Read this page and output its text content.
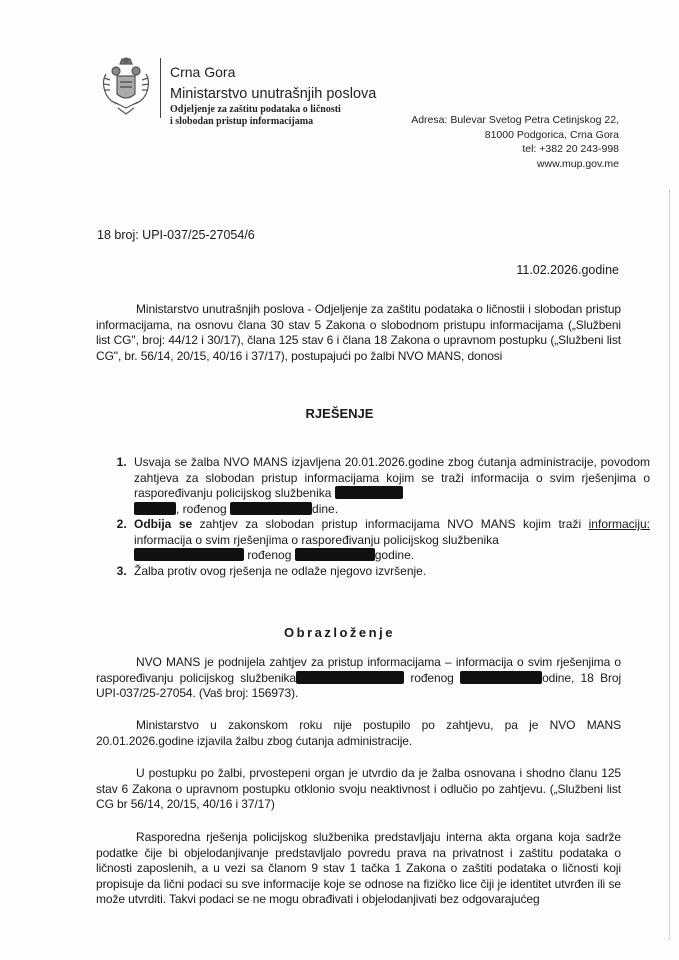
Crna Gora
Ministarstvo unutrašnjih poslova
Odjeljenje za zaštitu podataka o ličnosti
i slobodan pristup informacijama	Adresa: Bulevar Svetog Petra Cetinjskog 22,
81000 Podgorica, Crna Gora
tel: +382 20 243-998
www.mup.gov.me
18 broj: UPI-037/25-27054/6
11.02.2026.godine
Ministarstvo unutrašnjih poslova - Odjeljenje za zaštitu podataka o ličnostii i slobodan pristup informacijama, na osnovu člana 30 stav 5 Zakona o slobodnom pristupu informacijama („Službeni list CG", broj: 44/12 i 30/17), člana 125 stav 6 i člana 18 Zakona o upravnom postupku („Službeni list CG", br. 56/14, 20/15, 40/16 i 37/17), postupajući po žalbi NVO MANS, donosi
RJEŠENJE
1. Usvaja se žalba NVO MANS izjavljena 20.01.2026.godine zbog ćutanja administracije, povodom zahtjeva za slobodan pristup informacijama kojim se traži informacija o svim rješenjima o raspoređivanju policijskog službenika
, rođenog	dine.
2. Odbija se zahtjev za slobodan pristup informacijama NVO MANS kojim traži informaciju: informacija o svim rješenjima o raspoređivanju policijskog službenika
rođenog	godine.
3. Žalba protiv ovog rješenja ne odlaže njegovo izvršenje.
Obrazloženje
NVO MANS je podnijela zahtjev za pristup informacijama – informacija o svim rješenjima o raspoređivanju policijskog službenika	rođenog	odine, 18 Broj UPI-037/25-27054. (Vaš broj: 156973).
Ministarstvo u zakonskom roku nije postupilo po zahtjevu, pa je NVO MANS 20.01.2026.godine izjavila žalbu zbog ćutanja administracije.
U postupku po žalbi, prvostepeni organ je utvrdio da je žalba osnovana i shodno članu 125 stav 6 Zakona o upravnom postupku otklonio svoju neaktivnost i odlučio po zahtjevu. („Službeni list CG br 56/14, 20/15, 40/16 i 37/17)
Rasporedna rješenja policijskog službenika predstavljaju interna akta organa koja sadrže podatke čije bi objelodanjivanje predstavljalo povredu prava na privatnost i zaštitu podataka o ličnosti zaposlenih, a u vezi sa članom 9 stav 1 tačka 1 Zakona o zaštiti podataka o ličnosti koji propisuje da lični podaci su sve informacije koje se odnose na fizičko lice čiji je identitet utvrđen ili se može utvrditi. Takvi podaci se ne mogu obrađivati i objelodanjivati bez odgovarajućeg
